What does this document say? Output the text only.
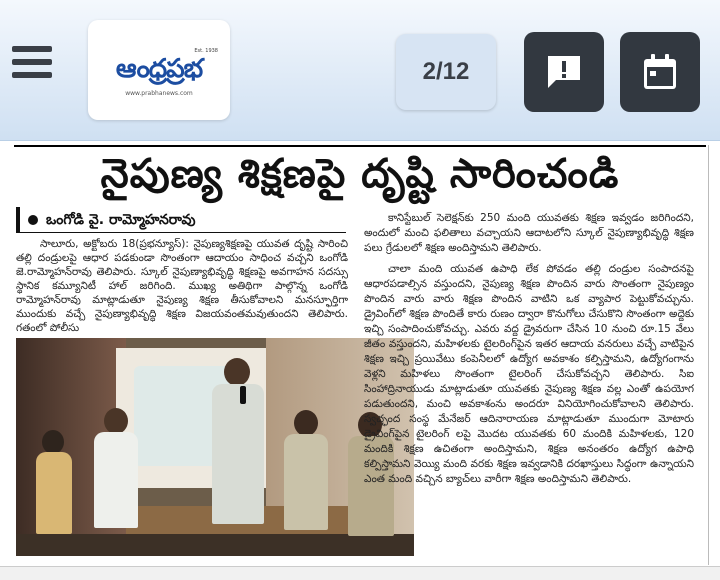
Est. 1938
ఆంధ్రప్రభ
www.prabhanews.com
2/12
నైపుణ్య శిక్షణపై దృష్టి సారించండి
ఒంగోడి వై. రామ్మోహనరావు

సాలూరు, అక్టోబరు 18(ప్రభన్యూస్): నైపుణ్యశిక్షణపై యువత దృష్టి సారించి తల్లి దండ్రులపై ఆధార పడకుండా సొంతంగా ఆదాయం సాధించ వచ్చని ఒంగోడి జె.రామ్మోహన్‌రావు తెలిపారు. స్కూల్ నైపుణ్యాభివృద్ధి శిక్షణపై అవగాహన సదస్సు స్థానిక కమ్యూనిటీ హాల్ జరిగింది. ముఖ్య అతిథిగా పాల్గొన్న ఒంగోడి రామ్మోహన్‌రావు మాట్లాడుతూ నైపుణ్య శిక్షణ తీసుకోవాలని మనస్ఫూర్తిగా ముందుకు వచ్చే నైపుణ్యాభివృద్ధి శిక్షణ విజయవంతమవుతుందని తెలిపారు. గతంలో పోలీసు

కానిస్టేబుల్ సెలెక్షన్‌కు 250 మంది యువతకు శిక్షణ ఇవ్వడం జరిగిందని, అందులో మంచి ఫలితాలు వచ్చాయని ఆదాటలోని స్కూల్ నైపుణ్యాభివృద్ధి శిక్షణ పలు గ్రేడులలో శిక్షణ అందిస్తామని తెలిపారు.

చాలా మంది యువత ఉపాధి లేక పోవడం తల్లి దండ్రుల సంపాదనపై ఆధారపడాల్సిన వస్తుందని, నైపుణ్య శిక్షణ పొందిన వారు సొంతంగా నైపుణ్యం పొందిన వారు వారు శిక్షణ పొందిన వాటిని ఒక వ్యాపార పెట్టుకోవచ్చును. డ్రైవింగ్‌లో శిక్షణ పొందితే కారు రుణం ద్వారా కొనుగోలు చేసుకొని సొంతంగా అద్దెకు ఇచ్చి సంపాదించుకోవచ్చు. ఎవరు వద్ద డ్రైవరుగా చేసిన 10 నుంచి రూ.15 వేలు జీతం వస్తుందని, మహిళలకు టైలరింగ్‌పైన ఇతర ఆదాయ వనరులు వచ్చే వాటిపైన శిక్షణ ఇచ్చి ప్రయివేటు కంపెనీలలో ఉద్యోగ అవకాశం కల్పిస్తామని, ఉద్యోగంగాను వెళ్లని మహిళలు సొంతంగా టైలరింగ్ చేసుకోవచ్చని తెలిపారు. సిఐ సింహాద్రినాయుడు మాట్లాడుతూ యువతకు నైపుణ్య శిక్షణ వల్ల ఎంతో ఉపయోగ పడుతుందని, మంచి అవకాశంను అందరూ వినియోగించుకోవాలని తెలిపారు. స్వచ్ఛంద సంస్థ మేనేజర్ ఆదినారాయణ మాట్లాడుతూ ముందుగా మోటారు డ్రైవింగ్‌పైన టైలరింగ్ లపై మొదట యువతకు 60 మందికి మహిళలకు, 120 మందికి శిక్షణ ఉచితంగా అందిస్తామని, శిక్షణ అనంతరం ఉద్యోగ ఉపాధి కల్పిస్తామని వెయ్యి మంది వరకు శిక్షణ ఇవ్వడానికి దరఖాస్తులు సిద్ధంగా ఉన్నాయని ఎంత మంది వచ్చిన బ్యాచ్‌లు వారీగా శిక్షణ అందిస్తామని తెలిపారు.
